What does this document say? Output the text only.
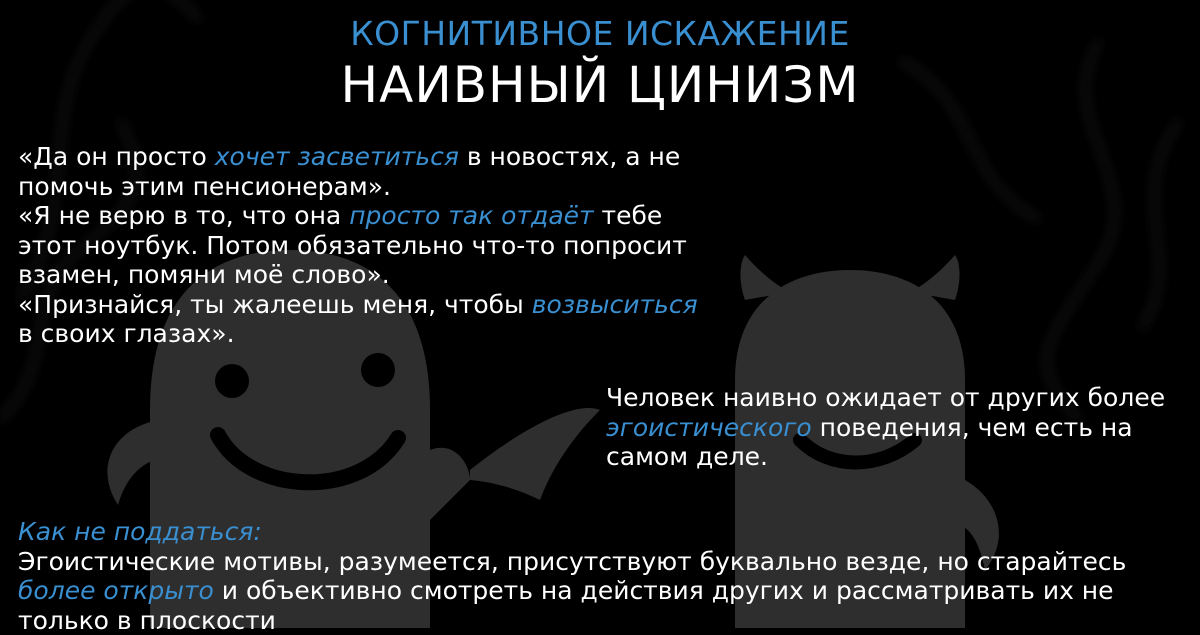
КОГНИТИВНОЕ ИСКАЖЕНИЕ
НАИВНЫЙ ЦИНИЗМ

«Да он просто хочет засветиться в новостях, а не помочь этим пенсионерам».

«Я не верю в то, что она просто так отдаёт тебе этот ноутбук. Потом обязательно что-то попросит взамен, помяни моё слово».

«Признайся, ты жалеешь меня, чтобы возвыситься в своих глазах».

Человек наивно ожидает от других более эгоистического поведения, чем есть на самом деле.

Как не поддаться:

Эгоистические мотивы, разумеется, присутствуют буквально везде, но старайтесь более открыто и объективно смотреть на действия других и рассматривать их не только в плоскости
